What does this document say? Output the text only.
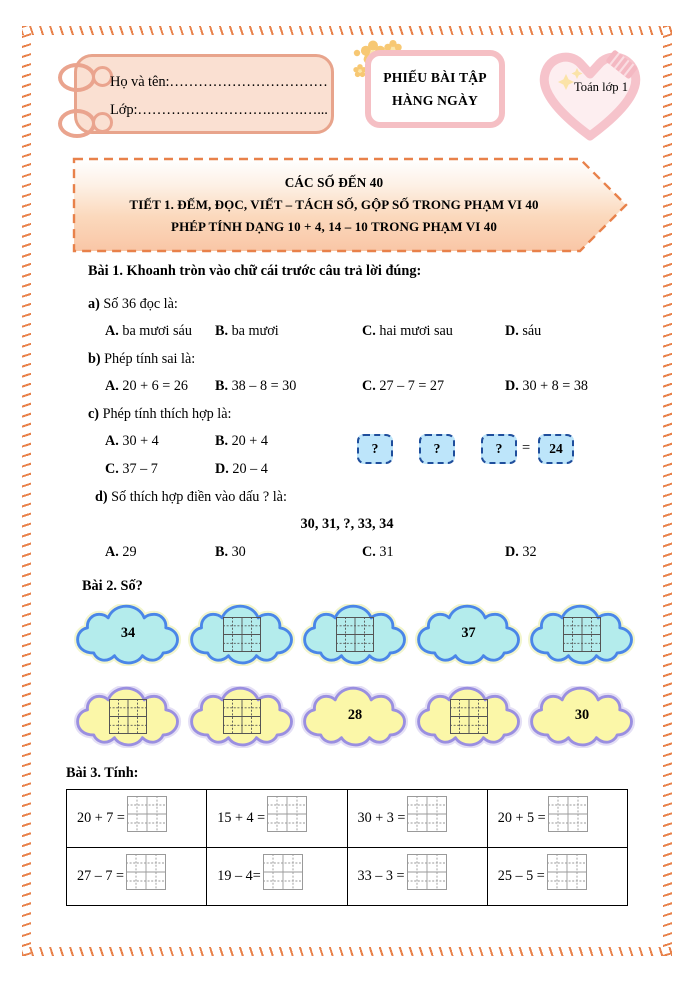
Họ và tên:……………………………
Lớp:……………………….…….…...
PHIẾU BÀI TẬP
HÀNG NGÀY
Toán lớp 1
CÁC SỐ ĐẾN 40
TIẾT 1. ĐẾM, ĐỌC, VIẾT – TÁCH SỐ, GỘP SỐ TRONG PHẠM VI 40
PHÉP TÍNH DẠNG 10 + 4, 14 – 10 TRONG PHẠM VI 40
Bài 1. Khoanh tròn vào chữ cái trước câu trả lời đúng:
a) Số 36 đọc là:
A. ba mươi sáu B. ba mươi	C. hai mươi sau	D. sáu
b) Phép tính sai là:
A. 20 + 6 = 26 B. 38 – 8 = 30	C. 27 – 7 = 27	D. 30 + 8 = 38
c) Phép tính thích hợp là:
A. 30 + 4	B. 20 + 4
C. 37 – 7	D. 20 – 4
?	?	?	=	24
d) Số thích hợp điền vào dấu ? là:
30, 31, ?, 33, 34
A. 29	B. 30	C. 31	D. 32
Bài 2. Số?
34	37
28	30
Bài 3. Tính:
20 + 7 =	15 + 4 =	30 + 3 =	20 + 5 =

27 – 7 =	19 – 4=	33 – 3 =	25 – 5 =
